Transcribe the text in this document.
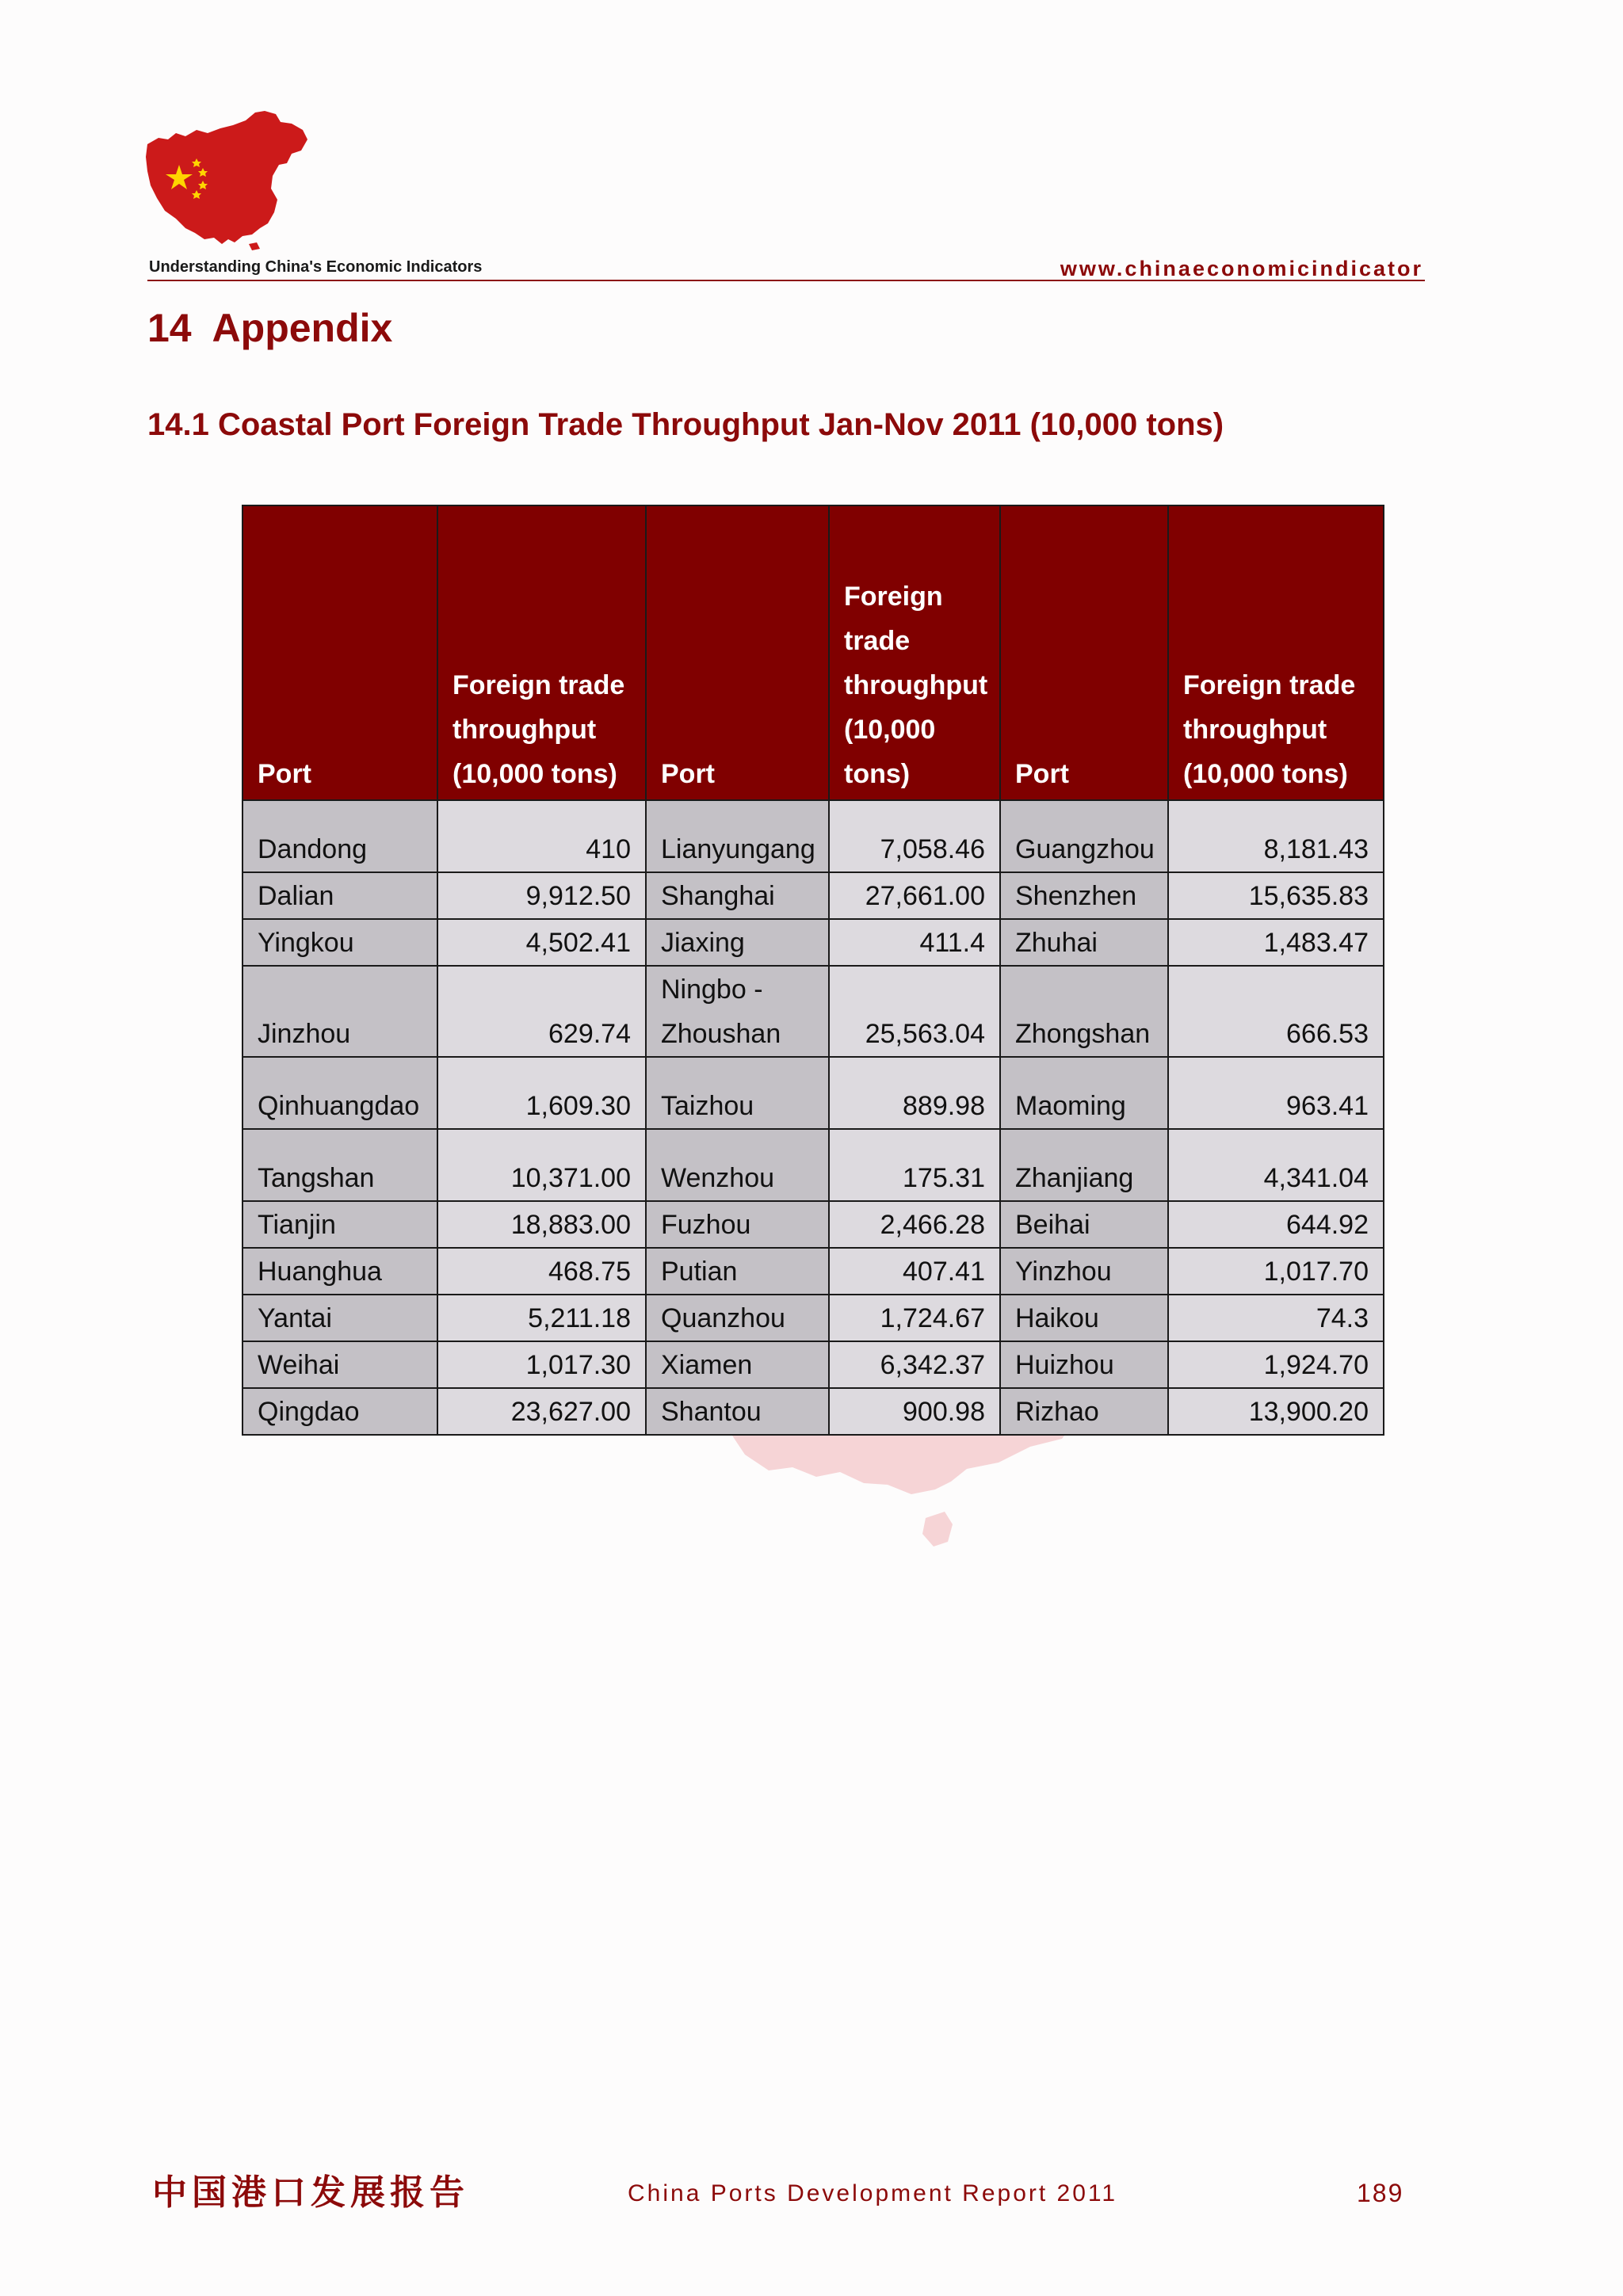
Understanding China's Economic Indicators	www.chinaeconomicindicator
14  Appendix
14.1 Coastal Port Foreign Trade Throughput Jan-Nov 2011 (10,000 tons)
Port	Foreign trade throughput (10,000 tons)	Port	Foreign trade throughput (10,000 tons)	Port	Foreign trade throughput (10,000 tons)
Dandong	410	Lianyungang	7,058.46	Guangzhou	8,181.43
Dalian	9,912.50	Shanghai	27,661.00	Shenzhen	15,635.83
Yingkou	4,502.41	Jiaxing	411.4	Zhuhai	1,483.47
Jinzhou	629.74	Ningbo - Zhoushan	25,563.04	Zhongshan	666.53
Qinhuangdao	1,609.30	Taizhou	889.98	Maoming	963.41
Tangshan	10,371.00	Wenzhou	175.31	Zhanjiang	4,341.04
Tianjin	18,883.00	Fuzhou	2,466.28	Beihai	644.92
Huanghua	468.75	Putian	407.41	Yinzhou	1,017.70
Yantai	5,211.18	Quanzhou	1,724.67	Haikou	74.3
Weihai	1,017.30	Xiamen	6,342.37	Huizhou	1,924.70
Qingdao	23,627.00	Shantou	900.98	Rizhao	13,900.20
中国港口发展报告	China Ports Development Report 2011	189
